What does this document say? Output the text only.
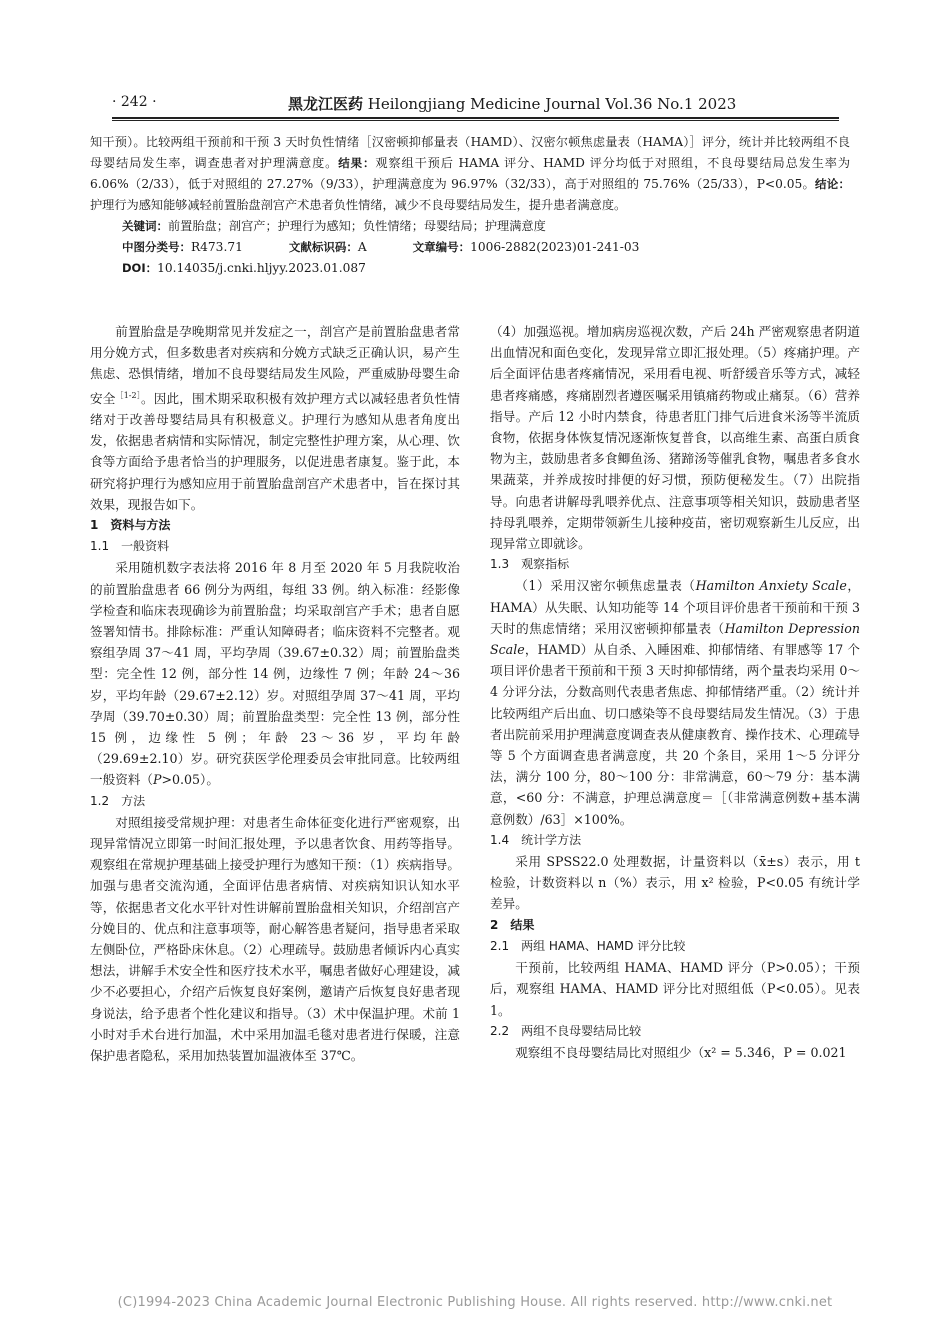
· 242 ·	黑龙江医药 Heilongjiang Medicine Journal Vol.36 No.1 2023

知干预）。比较两组干预前和干预 3 天时负性情绪［汉密顿抑郁量表（HAMD）、汉密尔顿焦虑量表（HAMA）］评分，统计并比较两组不良母婴结局发生率，调查患者对护理满意度。结果：观察组干预后 HAMA 评分、HAMD 评分均低于对照组，不良母婴结局总发生率为 6.06%（2/33），低于对照组的 27.27%（9/33），护理满意度为 96.97%（32/33），高于对照组的 75.76%（25/33），P<0.05。结论：护理行为感知能够减轻前置胎盘剖宫产术患者负性情绪，减少不良母婴结局发生，提升患者满意度。

关键词：前置胎盘；剖宫产；护理行为感知；负性情绪；母婴结局；护理满意度

中图分类号：R473.71	文献标识码：A	文章编号：1006-2882(2023)01-241-03

DOI：10.14035/j.cnki.hljyy.2023.01.087

前置胎盘是孕晚期常见并发症之一，剖宫产是前置胎盘患者常用分娩方式，但多数患者对疾病和分娩方式缺乏正确认识，易产生焦虑、恐惧情绪，增加不良母婴结局发生风险，严重威胁母婴生命安全$^{[1-2]}$。因此，围术期采取积极有效护理方式以减轻患者负性情绪对于改善母婴结局具有积极意义。护理行为感知从患者角度出发，依据患者病情和实际情况，制定完整性护理方案，从心理、饮食等方面给予患者恰当的护理服务，以促进患者康复。鉴于此，本研究将护理行为感知应用于前置胎盘剖宫产术患者中，旨在探讨其效果，现报告如下。

1　资料与方法

1.1　一般资料

采用随机数字表法将 2016 年 8 月至 2020 年 5 月我院收治的前置胎盘患者 66 例分为两组，每组 33 例。纳入标准：经影像学检查和临床表现确诊为前置胎盘；均采取剖宫产手术；患者自愿签署知情书。排除标准：严重认知障碍者；临床资料不完整者。观察组孕周 37～41 周，平均孕周（39.67±0.32）周；前置胎盘类型：完全性 12 例，部分性 14 例，边缘性 7 例；年龄 24～36 岁，平均年龄（29.67±2.12）岁。对照组孕周 37～41 周，平均孕周（39.70±0.30）周；前置胎盘类型：完全性 13 例，部分性 15 例，边缘性 5 例；年龄 23～36 岁，平均年龄（29.69±2.10）岁。研究获医学伦理委员会审批同意。比较两组一般资料（P>0.05）。

1.2　方法

对照组接受常规护理：对患者生命体征变化进行严密观察，出现异常情况立即第一时间汇报处理，予以患者饮食、用药等指导。观察组在常规护理基础上接受护理行为感知干预：（1）疾病指导。加强与患者交流沟通，全面评估患者病情、对疾病知识认知水平等，依据患者文化水平针对性讲解前置胎盘相关知识，介绍剖宫产分娩目的、优点和注意事项等，耐心解答患者疑问，指导患者采取左侧卧位，严格卧床休息。（2）心理疏导。鼓励患者倾诉内心真实想法，讲解手术安全性和医疗技术水平，嘱患者做好心理建设，减少不必要担心，介绍产后恢复良好案例，邀请产后恢复良好患者现身说法，给予患者个性化建议和指导。（3）术中保温护理。术前 1 小时对手术台进行加温，术中采用加温毛毯对患者进行保暖，注意保护患者隐私，采用加热装置加温液体至 37℃。

（4）加强巡视。增加病房巡视次数，产后 24h 严密观察患者阴道出血情况和面色变化，发现异常立即汇报处理。（5）疼痛护理。产后全面评估患者疼痛情况，采用看电视、听舒缓音乐等方式，减轻患者疼痛感，疼痛剧烈者遵医嘱采用镇痛药物或止痛泵。（6）营养指导。产后 12 小时内禁食，待患者肛门排气后进食米汤等半流质食物，依据身体恢复情况逐渐恢复普食，以高维生素、高蛋白质食物为主，鼓励患者多食鲫鱼汤、猪蹄汤等催乳食物，嘱患者多食水果蔬菜，并养成按时排便的好习惯，预防便秘发生。（7）出院指导。向患者讲解母乳喂养优点、注意事项等相关知识，鼓励患者坚持母乳喂养，定期带领新生儿接种疫苗，密切观察新生儿反应，出现异常立即就诊。

1.3　观察指标

（1）采用汉密尔顿焦虑量表（Hamilton Anxiety Scale，HAMA）从失眠、认知功能等 14 个项目评价患者干预前和干预 3 天时的焦虑情绪；采用汉密顿抑郁量表（Hamilton Depression Scale，HAMD）从自杀、入睡困难、抑郁情绪、有罪感等 17 个项目评价患者干预前和干预 3 天时抑郁情绪，两个量表均采用 0～4 分评分法，分数高则代表患者焦虑、抑郁情绪严重。（2）统计并比较两组产后出血、切口感染等不良母婴结局发生情况。（3）于患者出院前采用护理满意度调查表从健康教育、操作技术、心理疏导等 5 个方面调查患者满意度，共 20 个条目，采用 1～5 分评分法，满分 100 分，80～100 分：非常满意，60～79 分：基本满意，<60 分：不满意，护理总满意度＝［（非常满意例数+基本满意例数）/63］×100%。

1.4　统计学方法

采用 SPSS22.0 处理数据，计量资料以（x̄±s）表示，用 t 检验，计数资料以 n（%）表示，用 x² 检验，P<0.05 有统计学差异。

2　结果

2.1　两组 HAMA、HAMD 评分比较

干预前，比较两组 HAMA、HAMD 评分（P>0.05）；干预后，观察组 HAMA、HAMD 评分比对照组低（P<0.05）。见表 1。

2.2　两组不良母婴结局比较

观察组不良母婴结局比对照组少（x² = 5.346，P = 0.021

(C)1994-2023 China Academic Journal Electronic Publishing House. All rights reserved. http://www.cnki.net
